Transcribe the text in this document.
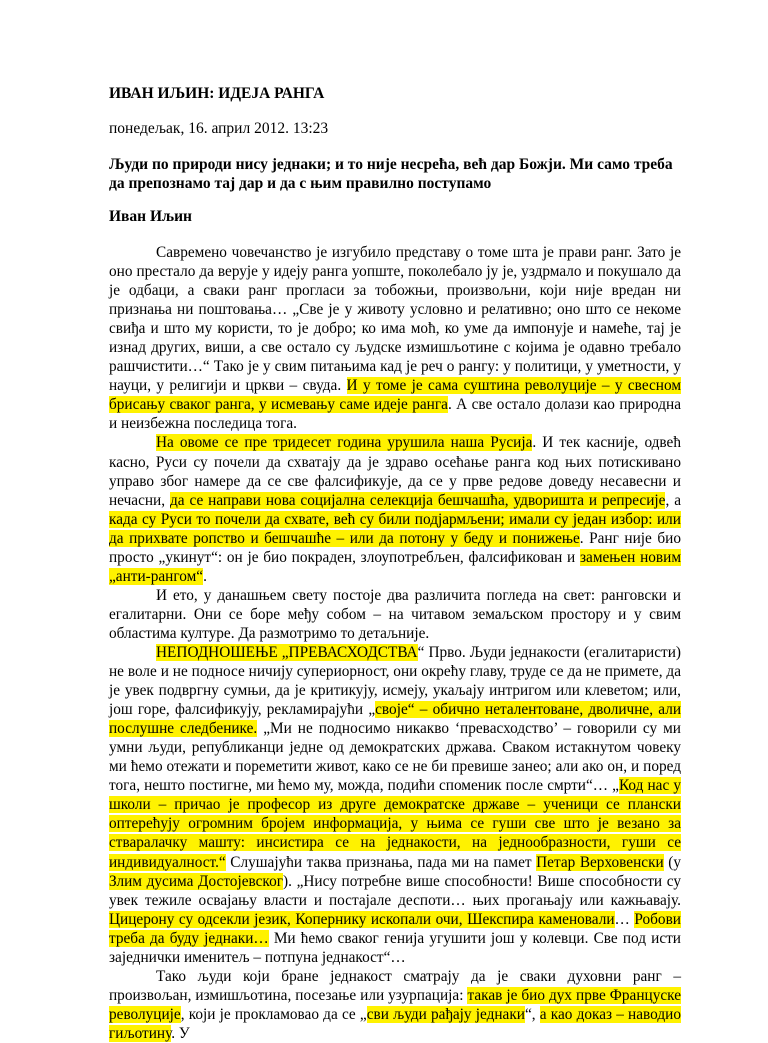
ИВАН ИЉИН: ИДЕЈА РАНГА
понедељак, 16. април 2012. 13:23
Људи по природи нису једнаки; и то није несрећа, већ дар Божји. Ми само треба да препознамо тај дар и да с њим правилно поступамо
Иван Иљин

Савремено човечанство је изгубило представу о томе шта је прави ранг. Зато је оно престало да верује у идеју ранга уопште, поколебало ју је, уздрмало и покушало да је одбаци, а сваки ранг прогласи за тобожњи, произвољни, који није вредан ни признања ни поштовања… „Све је у животу условно и релативно; оно што се некоме свиђа и што му користи, то је добро; ко има моћ, ко уме да импонује и намеће, тај је изнад других, виши, а све остало су људске измишљотине с којима је одавно требало рашчистити…“ Тако је у свим питањима кад је реч о рангу: у политици, у уметности, у науци, у религији и цркви – свуда. И у томе је сама суштина револуције – у свесном брисању сваког ранга, у исмевању саме идеје ранга. А све остало долази као природна и неизбежна последица тога.

На овоме се пре тридесет година урушила наша Русија. И тек касније, одвећ касно, Руси су почели да схватају да је здраво осећање ранга код њих потискивано управо због намере да се све фалсификује, да се у прве редове доведу несавесни и нечасни, да се направи нова социјална селекција бешчашћа, удворишта и репресије, а када су Руси то почели да схвате, већ су били подјармљени; имали су један избор: или да прихвате ропство и бешчашће – или да потону у беду и понижење. Ранг није био просто „укинут“: он је био покраден, злоупотребљен, фалсификован и замењен новим „анти-рангом“.

И ето, у данашњем свету постоје два различита погледа на свет: ранговски и егалитарни. Они се боре међу собом – на читавом земаљском простору и у свим областима културе. Да размотримо то детаљније.

НЕПОДНОШЕЊЕ „ПРЕВАСХОДСТВА“ Прво. Људи једнакости (егалитаристи) не воле и не подносе ничију супериорност, они окрећу главу, труде се да не примете, да је увек подвргну сумњи, да је критикују, исмеју, укаљају интригом или клеветом; или, још горе, фалсификују, рекламирајући „своје“ – обично неталентоване, дволичне, али послушне следбенике. „Ми не подносимо никакво ‘превасходство’ – говорили су ми умни људи, републиканци једне од демократских држава. Сваком истакнутом човеку ми ћемо отежати и пореметити живот, како се не би превише занео; али ако он, и поред тога, нешто постигне, ми ћемо му, можда, подићи споменик после смрти“… „Код нас у школи – причао је професор из друге демократске државе – ученици се плански оптерећују огромним бројем информација, у њима се гуши све што је везано за стваралачку машту: инсистира се на једнакости, на једнообразности, гуши се индивидуалност.“ Слушајући таква признања, пада ми на памет Петар Верховенски (у Злим дусима Достојевског). „Нису потребне више способности! Више способности су увек тежиле освајању власти и постајале деспоти… њих прогањају или кажњавају. Цицерону су одсекли језик, Копернику ископали очи, Шекспира каменовали… Робови треба да буду једнаки… Ми ћемо сваког генија угушити још у колевци. Све под исти заједнички именитељ – потпуна једнакост“…

Тако људи који бране једнакост сматрају да је сваки духовни ранг – произвољан, измишљотина, посезање или узурпација: такав је био дух прве Француске револуције, који је прокламовао да се „сви људи рађају једнаки“, а као доказ – наводио гиљотину. У
